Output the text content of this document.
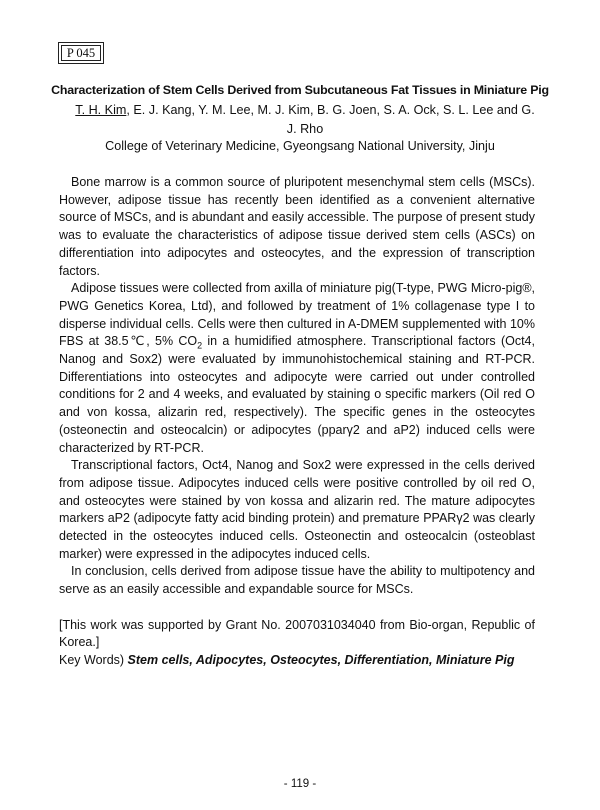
P 045
Characterization of Stem Cells Derived from Subcutaneous Fat Tissues in Miniature Pig
T. H. Kim, E. J. Kang, Y. M. Lee, M. J. Kim, B. G. Joen, S. A. Ock, S. L. Lee and G. J. Rho
College of Veterinary Medicine, Gyeongsang National University, Jinju

Bone marrow is a common source of pluripotent mesenchymal stem cells (MSCs). However, adipose tissue has recently been identified as a convenient alternative source of MSCs, and is abundant and easily accessible. The purpose of present study was to evaluate the characteristics of adipose tissue derived stem cells (ASCs) on differentiation into adipocytes and osteocytes, and the expression of transcription factors.

Adipose tissues were collected from axilla of miniature pig(T-type, PWG Micro-pig®, PWG Genetics Korea, Ltd), and followed by treatment of 1% collagenase type I to disperse individual cells. Cells were then cultured in A-DMEM supplemented with 10% FBS at 38.5℃, 5% $CO_2$ in a humidified atmosphere. Transcriptional factors (Oct4, Nanog and Sox2) were evaluated by immunohistochemical staining and RT-PCR. Differentiations into osteocytes and adipocyte were carried out under controlled conditions for 2 and 4 weeks, and evaluated by staining o specific markers (Oil red O and von kossa, alizarin red, respectively). The specific genes in the osteocytes (osteonectin and osteocalcin) or adipocytes (pparγ2 and aP2) induced cells were characterized by RT-PCR.

Transcriptional factors, Oct4, Nanog and Sox2 were expressed in the cells derived from adipose tissue. Adipocytes induced cells were positive controlled by oil red O, and osteocytes were stained by von kossa and alizarin red. The mature adipocytes markers aP2 (adipocyte fatty acid binding protein) and premature PPARγ2 was clearly detected in the osteocytes induced cells. Osteonectin and osteocalcin (osteoblast marker) were expressed in the adipocytes induced cells.

In conclusion, cells derived from adipose tissue have the ability to multipotency and serve as an easily accessible and expandable source for MSCs.

[This work was supported by Grant No. 2007031034040 from Bio-organ, Republic of Korea.]

Key Words) Stem cells, Adipocytes, Osteocytes, Differentiation, Miniature Pig
- 119 -
